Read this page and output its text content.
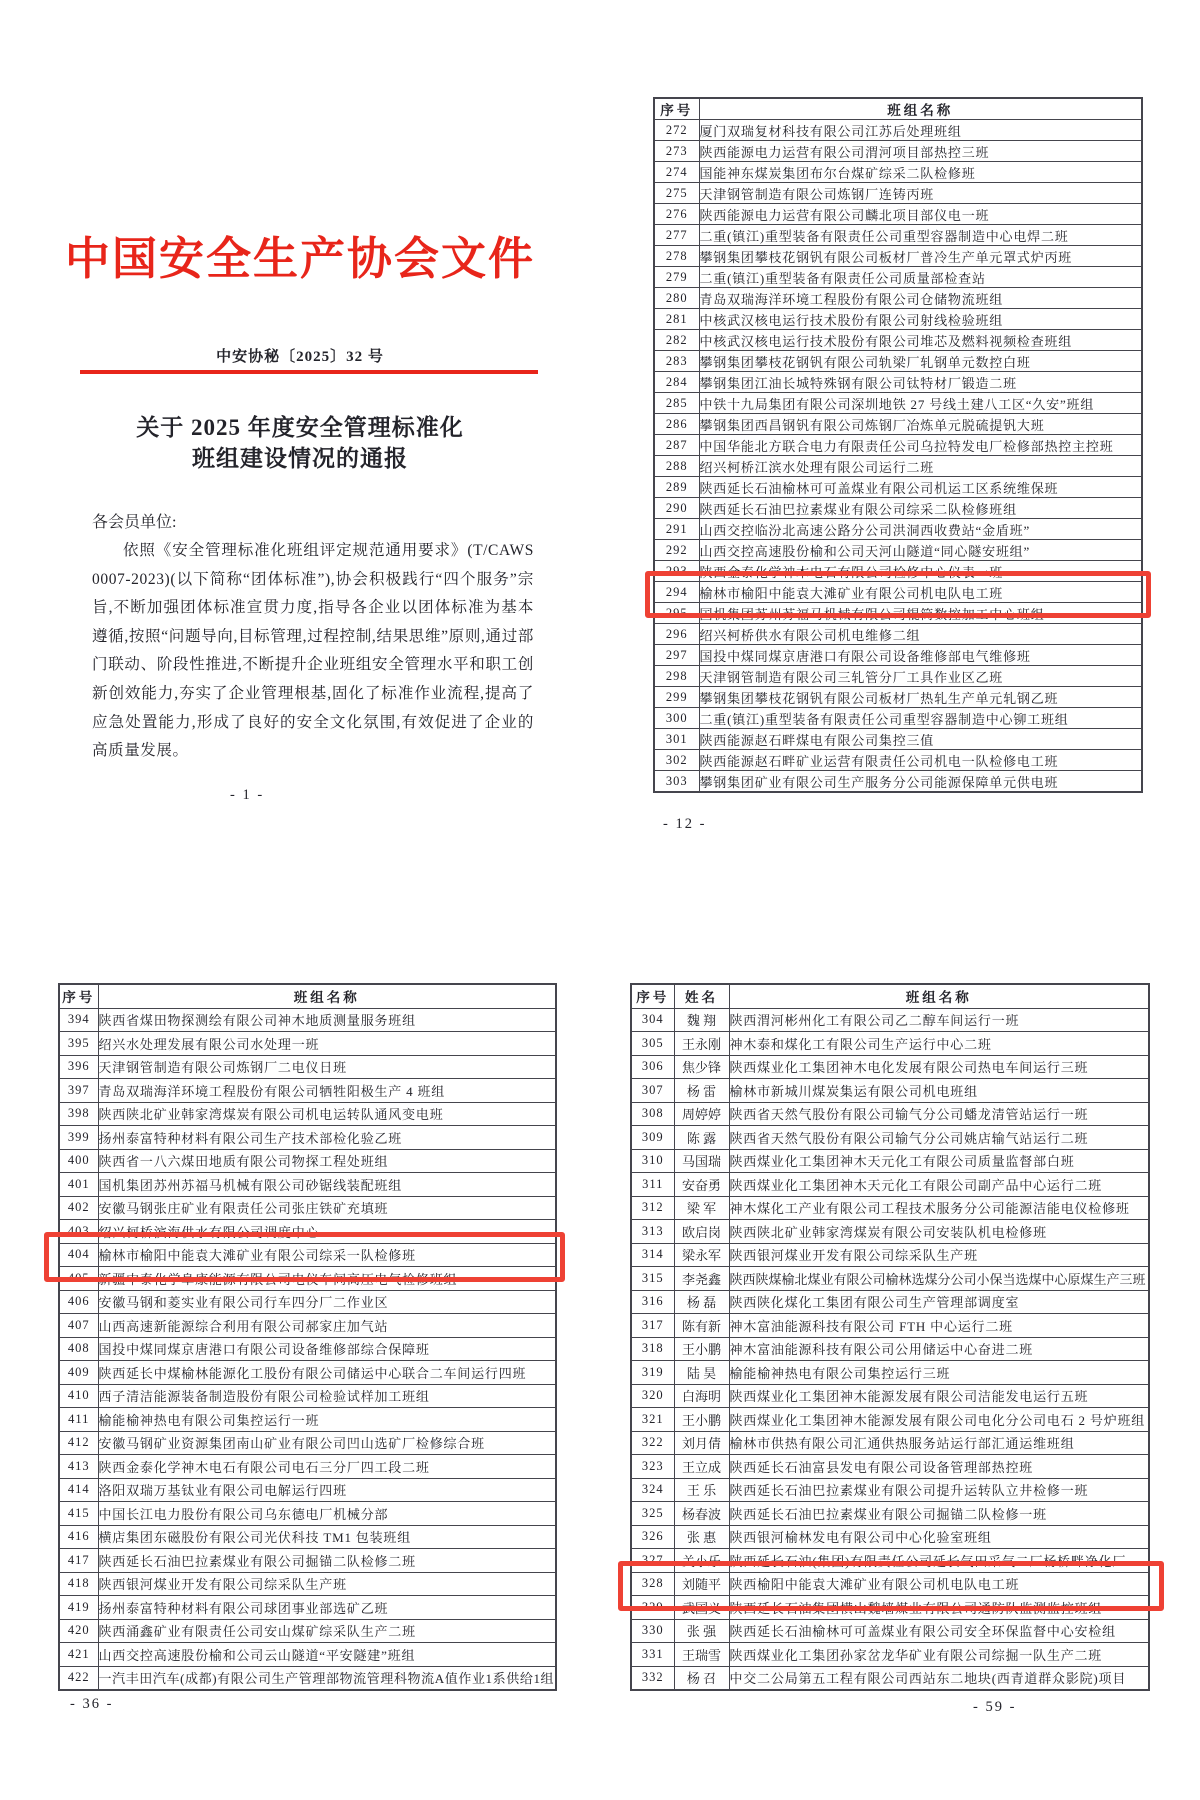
中国安全生产协会文件
中安协秘〔2025〕32 号
关于 2025 年度安全管理标准化
班组建设情况的通报
各会员单位:
依照《安全管理标准化班组评定规范通用要求》(T/CAWS 0007-2023)(以下简称“团体标准”),协会积极践行“四个服务”宗旨,不断加强团体标准宣贯力度,指导各企业以团体标准为基本遵循,按照“问题导向,目标管理,过程控制,结果思维”原则,通过部门联动、阶段性推进,不断提升企业班组安全管理水平和职工创新创效能力,夯实了企业管理根基,固化了标准作业流程,提高了应急处置能力,形成了良好的安全文化氛围,有效促进了企业的高质量发展。
- 1 -
序号	班组名称
272	厦门双瑞复材科技有限公司江苏后处理班组
273	陕西能源电力运营有限公司渭河项目部热控三班
274	国能神东煤炭集团布尔台煤矿综采二队检修班
275	天津钢管制造有限公司炼钢厂连铸丙班
276	陕西能源电力运营有限公司麟北项目部仪电一班
277	二重(镇江)重型装备有限责任公司重型容器制造中心电焊二班
278	攀钢集团攀枝花钢钒有限公司板材厂普冷生产单元罩式炉丙班
279	二重(镇江)重型装备有限责任公司质量部检查站
280	青岛双瑞海洋环境工程股份有限公司仓储物流班组
281	中核武汉核电运行技术股份有限公司射线检验班组
282	中核武汉核电运行技术股份有限公司堆芯及燃料视频检查班组
283	攀钢集团攀枝花钢钒有限公司轨梁厂轧钢单元数控白班
284	攀钢集团江油长城特殊钢有限公司钛特材厂锻造二班
285	中铁十九局集团有限公司深圳地铁 27 号线土建八工区“久安”班组
286	攀钢集团西昌钢钒有限公司炼钢厂冶炼单元脱硫提钒大班
287	中国华能北方联合电力有限责任公司乌拉特发电厂检修部热控主控班
288	绍兴柯桥江滨水处理有限公司运行二班
289	陕西延长石油榆林可可盖煤业有限公司机运工区系统维保班
290	陕西延长石油巴拉素煤业有限公司综采二队检修班组
291	山西交控临汾北高速公路分公司洪洞西收费站“金盾班”
292	山西交控高速股份榆和公司天河山隧道“同心隧安班组”
293	陕西金泰化学神木电石有限公司检修中心仪表一班
294	榆林市榆阳中能袁大滩矿业有限公司机电队电工班
295	国机集团苏州苏福马机械有限公司辊筒数控加工中心班组
296	绍兴柯桥供水有限公司机电维修二组
297	国投中煤同煤京唐港口有限公司设备维修部电气维修班
298	天津钢管制造有限公司三轧管分厂工具作业区乙班
299	攀钢集团攀枝花钢钒有限公司板材厂热轧生产单元轧钢乙班
300	二重(镇江)重型装备有限责任公司重型容器制造中心铆工班组
301	陕西能源赵石畔煤电有限公司集控三值
302	陕西能源赵石畔矿业运营有限责任公司机电一队检修电工班
303	攀钢集团矿业有限公司生产服务分公司能源保障单元供电班
- 12 -
序号	班组名称
394	陕西省煤田物探测绘有限公司神木地质测量服务班组
395	绍兴水处理发展有限公司水处理一班
396	天津钢管制造有限公司炼钢厂二电仪日班
397	青岛双瑞海洋环境工程股份有限公司牺牲阳极生产 4 班组
398	陕西陕北矿业韩家湾煤炭有限公司机电运转队通风变电班
399	扬州泰富特种材料有限公司生产技术部检化验乙班
400	陕西省一八六煤田地质有限公司物探工程处班组
401	国机集团苏州苏福马机械有限公司砂锯线装配班组
402	安徽马钢张庄矿业有限责任公司张庄铁矿充填班
403	绍兴柯桥滨海供水有限公司调度中心
404	榆林市榆阳中能袁大滩矿业有限公司综采一队检修班
405	新疆中泰化学阜康能源有限公司电仪车间高压电气检修班组
406	安徽马钢和菱实业有限公司行车四分厂二作业区
407	山西高速新能源综合利用有限公司郝家庄加气站
408	国投中煤同煤京唐港口有限公司设备维修部综合保障班
409	陕西延长中煤榆林能源化工股份有限公司储运中心联合二车间运行四班
410	西子清洁能源装备制造股份有限公司检验试样加工班组
411	榆能榆神热电有限公司集控运行一班
412	安徽马钢矿业资源集团南山矿业有限公司凹山选矿厂检修综合班
413	陕西金泰化学神木电石有限公司电石三分厂四工段二班
414	洛阳双瑞万基钛业有限公司电解运行四班
415	中国长江电力股份有限公司乌东德电厂机械分部
416	横店集团东磁股份有限公司光伏科技 TM1 包装班组
417	陕西延长石油巴拉素煤业有限公司掘锚二队检修二班
418	陕西银河煤业开发有限公司综采队生产班
419	扬州泰富特种材料有限公司球团事业部选矿乙班
420	陕西涌鑫矿业有限责任公司安山煤矿综采队生产二班
421	山西交控高速股份榆和公司云山隧道“平安隧建”班组
422	一汽丰田汽车(成都)有限公司生产管理部物流管理科物流A值作业1系供给1组
- 36 -
序号	姓名	班组名称
304	魏 翔	陕西渭河彬州化工有限公司乙二醇车间运行一班
305	王永刚	神木泰和煤化工有限公司生产运行中心二班
306	焦少锋	陕西煤业化工集团神木电化发展有限公司热电车间运行三班
307	杨 雷	榆林市新城川煤炭集运有限公司机电班组
308	周婷婷	陕西省天然气股份有限公司输气分公司蟠龙清管站运行一班
309	陈 露	陕西省天然气股份有限公司输气分公司姚店输气站运行二班
310	马国瑞	陕西煤业化工集团神木天元化工有限公司质量监督部白班
311	安奋勇	陕西煤业化工集团神木天元化工有限公司副产品中心运行二班
312	梁 军	神木煤化工产业有限公司工程技术服务分公司能源洁能电仪检修班
313	欧启岗	陕西陕北矿业韩家湾煤炭有限公司安装队机电检修班
314	梁永军	陕西银河煤业开发有限公司综采队生产班
315	李尧鑫	陕西陕煤榆北煤业有限公司榆林选煤分公司小保当选煤中心原煤生产三班
316	杨 磊	陕西陕化煤化工集团有限公司生产管理部调度室
317	陈有新	神木富油能源科技有限公司 FTH 中心运行二班
318	王小鹏	神木富油能源科技有限公司公用储运中心奋进二班
319	陆 昊	榆能榆神热电有限公司集控运行三班
320	白海明	陕西煤业化工集团神木能源发展有限公司洁能发电运行五班
321	王小鹏	陕西煤业化工集团神木能源发展有限公司电化分公司电石 2 号炉班组
322	刘月倩	榆林市供热有限公司汇通供热服务站运行部汇通运维班组
323	王立成	陕西延长石油富县发电有限公司设备管理部热控班
324	王 乐	陕西延长石油巴拉素煤业有限公司提升运转队立井检修一班
325	杨春波	陕西延长石油巴拉素煤业有限公司掘锚二队检修一班
326	张 惠	陕西银河榆林发电有限公司中心化验室班组
327	关小乐	陕西延长石油(集团)有限责任公司延长气田采气二厂杨桥畔净化厂
328	刘随平	陕西榆阳中能袁大滩矿业有限公司机电队电工班
329	武国义	陕西延长石油集团横山魏墙煤业有限公司通防队监测监控班组
330	张 强	陕西延长石油榆林可可盖煤业有限公司安全环保监督中心安检组
331	王瑞雪	陕西煤业化工集团孙家岔龙华矿业有限公司综掘一队生产二班
332	杨 召	中交二公局第五工程有限公司西站东二地块(西青道群众影院)项目
- 59 -
